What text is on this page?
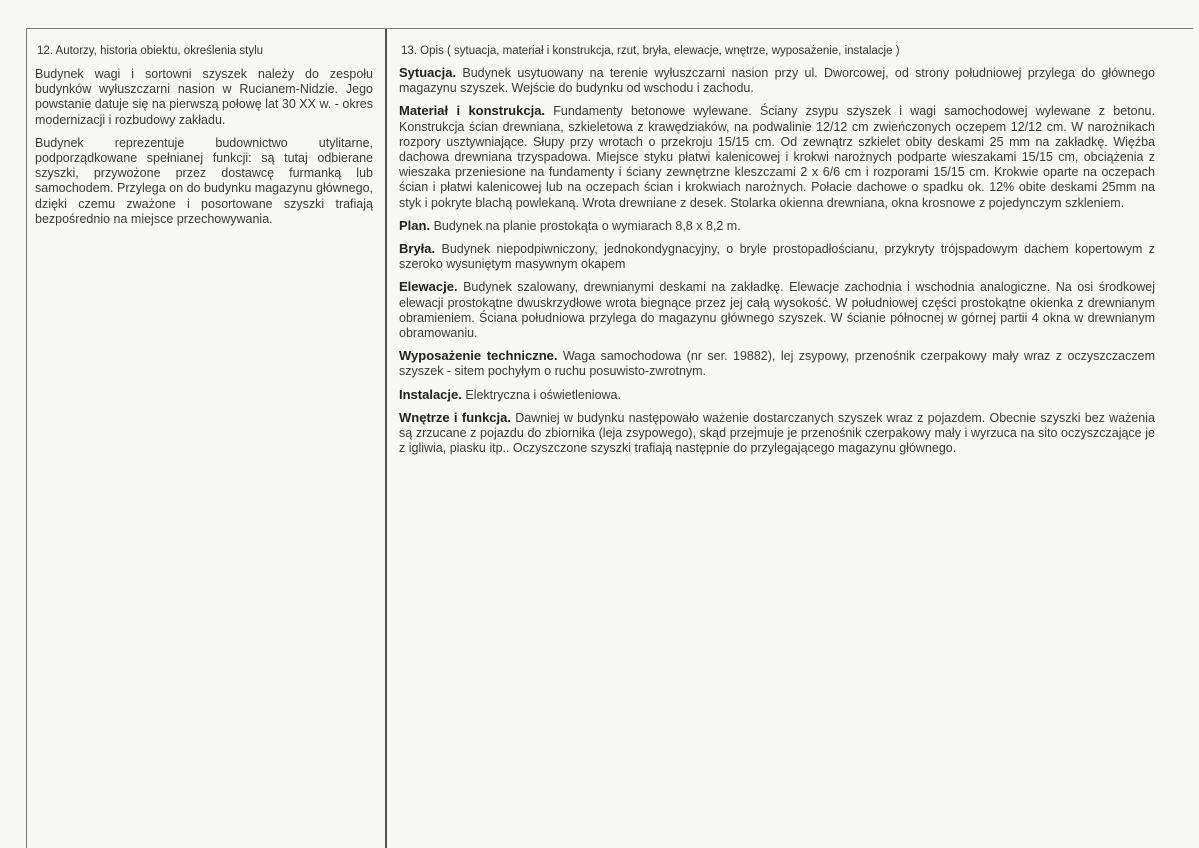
12. Autorzy, historia obiektu, określenia stylu

Budynek wagi i sortowni szyszek należy do zespołu budynków wyłuszczarni nasion w Rucianem-Nidzie. Jego powstanie datuje się na pierwszą połowę lat 30 XX w. - okres modernizacji i rozbudowy zakładu.

Budynek reprezentuje budownictwo utylitarne, podporządkowane spełnianej funkcji: są tutaj odbierane szyszki, przywożone przez dostawcę furmanką lub samochodem. Przylega on do budynku magazynu głównego, dzięki czemu zważone i posortowane szyszki trafiają bezpośrednio na miejsce przechowywania.

13. Opis ( sytuacja, materiał i konstrukcja, rzut, bryła, elewacje, wnętrze, wyposażenie, instalacje )

Sytuacja. Budynek usytuowany na terenie wyłuszczarni nasion przy ul. Dworcowej, od strony południowej przylega do głównego magazynu szyszek. Wejście do budynku od wschodu i zachodu.

Materiał i konstrukcja. Fundamenty betonowe wylewane. Ściany zsypu szyszek i wagi samochodowej wylewane z betonu. Konstrukcja ścian drewniana, szkieletowa z krawędziaków, na podwalinie 12/12 cm zwieńczonych oczepem 12/12 cm. W narożnikach rozpory usztywniające. Słupy przy wrotach o przekroju 15/15 cm. Od zewnątrz szkielet obity deskami 25 mm na zakładkę. Więźba dachowa drewniana trzyspadowa. Miejsce styku płatwi kalenicowej i krokwi narożnych podparte wieszakami 15/15 cm, obciążenia z wieszaka przeniesione na fundamenty i ściany zewnętrzne kleszczami 2 x 6/6 cm i rozporami 15/15 cm. Krokwie oparte na oczepach ścian i płatwi kalenicowej lub na oczepach ścian i krokwiach narożnych. Połacie dachowe o spadku ok. 12% obite deskami 25mm na styk i pokryte blachą powlekaną. Wrota drewniane z desek. Stolarka okienna drewniana, okna krosnowe z pojedynczym szkleniem.

Plan. Budynek na planie prostokąta o wymiarach 8,8 x 8,2 m.

Bryła. Budynek niepodpiwniczony, jednokondygnacyjny, o bryle prostopadłościanu, przykryty trójspadowym dachem kopertowym z szeroko wysuniętym masywnym okapem

Elewacje. Budynek szalowany, drewnianymi deskami na zakładkę. Elewacje zachodnia i wschodnia analogiczne. Na osi środkowej elewacji prostokątne dwuskrzydłowe wrota biegnące przez jej całą wysokość. W południowej części prostokątne okienka z drewnianym obramieniem. Ściana południowa przylega do magazynu głównego szyszek. W ścianie północnej w górnej partii 4 okna w drewnianym obramowaniu.

Wyposażenie techniczne. Waga samochodowa (nr ser. 19882), lej zsypowy, przenośnik czerpakowy mały wraz z oczyszczaczem szyszek - sitem pochyłym o ruchu posuwisto-zwrotnym.

Instalacje. Elektryczna i oświetleniowa.

Wnętrze i funkcja. Dawniej w budynku następowało ważenie dostarczanych szyszek wraz z pojazdem. Obecnie szyszki bez ważenia są zrzucane z pojazdu do zbiornika (leja zsypowego), skąd przejmuje je przenośnik czerpakowy mały i wyrzuca na sito oczyszczające je z igliwia, piasku itp.. Oczyszczone szyszki trafiają następnie do przylegającego magazynu głównego.
